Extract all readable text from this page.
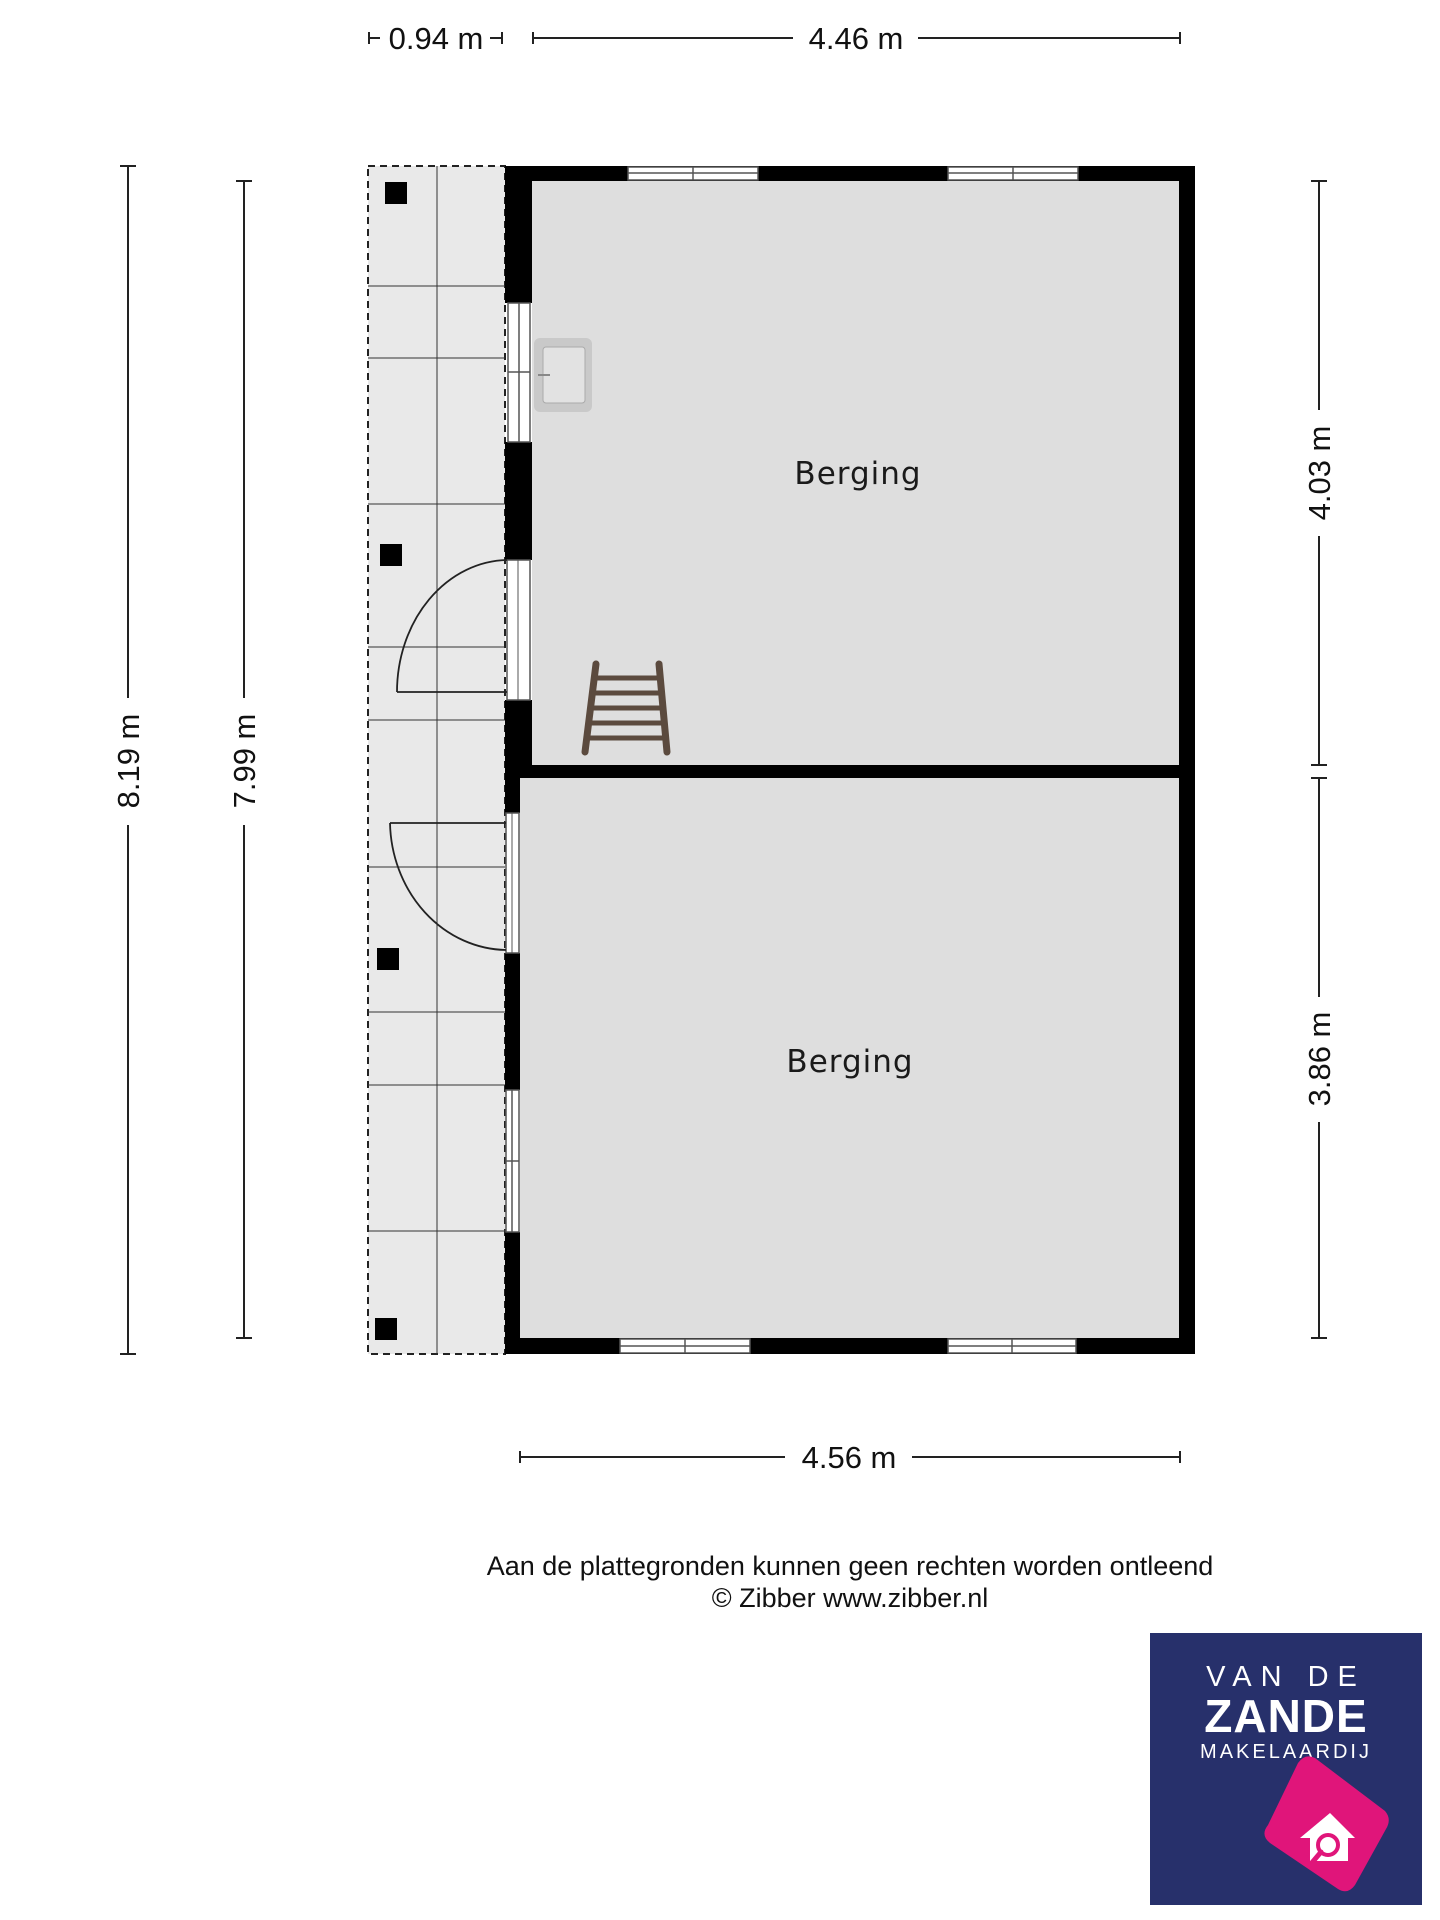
Berging
Berging
0.94 m	4.46 m
4.56 m
8.19 m	7.99 m
4.03 m
3.86 m
Aan de plattegronden kunnen geen rechten worden ontleend
© Zibber www.zibber.nl
VAN DE
ZANDE
MAKELAARDIJ
